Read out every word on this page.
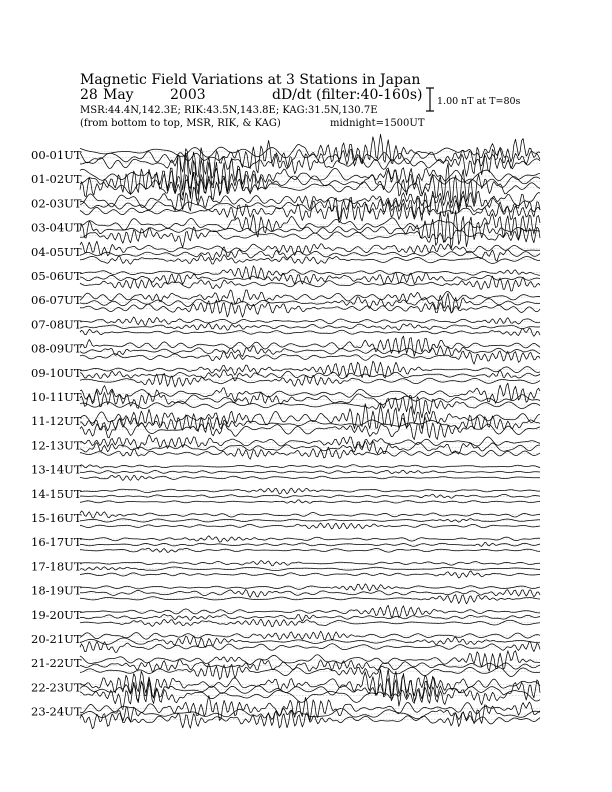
Magnetic Field Variations at 3 Stations in Japan
28 May	2003	dD/dt (filter:40-160s)
MSR:44.4N,142.3E; RIK:43.5N,143.8E; KAG:31.5N,130.7E
(from bottom to top, MSR, RIK, & KAG)	midnight=1500UT
1.00 nT at T=80s
00-01UT
01-02UT
02-03UT
03-04UT
04-05UT
05-06UT
06-07UT
07-08UT
08-09UT
09-10UT
10-11UT
11-12UT
12-13UT
13-14UT
14-15UT
15-16UT
16-17UT
17-18UT
18-19UT
19-20UT
20-21UT
21-22UT
22-23UT
23-24UT
